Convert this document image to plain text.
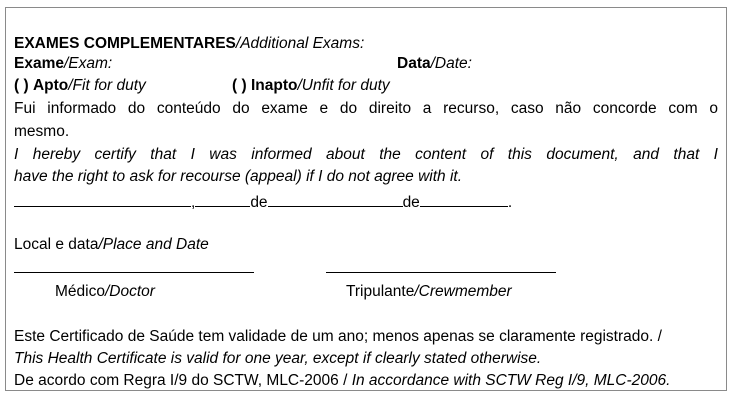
EXAMES COMPLEMENTARES/Additional Exams:
Exame/Exam:	Data/Date:
( ) Apto/Fit for duty	( ) Inapto/Unfit for duty
Fui informado do conteúdo do exame e do direito a recurso, caso não concorde com o
mesmo.
I hereby certify that I was informed about the content of this document, and that I
have the right to ask for recourse (appeal) if I do not agree with it.
,	de	de	.
Local e data/Place and Date
Médico/Doctor	Tripulante/Crewmember
Este Certificado de Saúde tem validade de um ano; menos apenas se claramente registrado. /
This Health Certificate is valid for one year, except if clearly stated otherwise.
De acordo com Regra I/9 do SCTW, MLC-2006 / In accordance with SCTW Reg I/9, MLC-2006.
